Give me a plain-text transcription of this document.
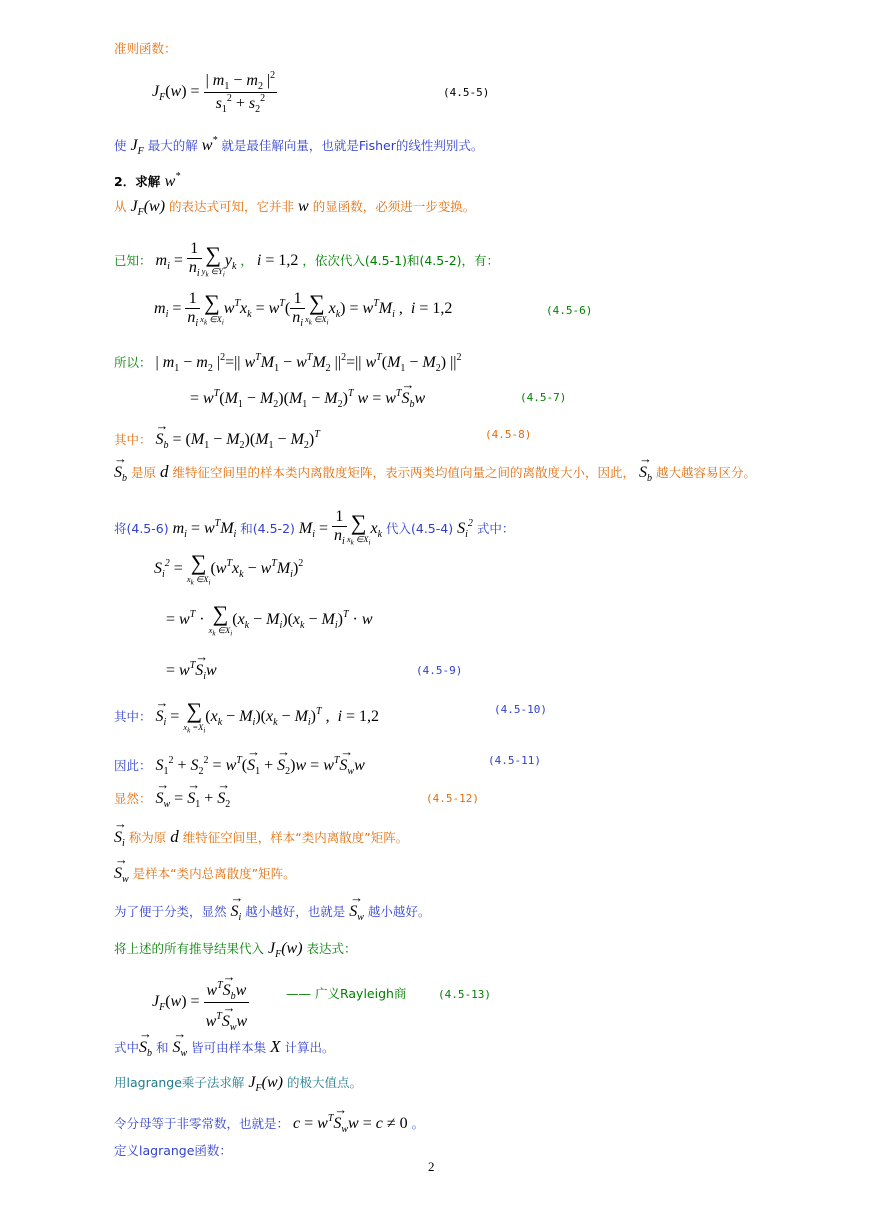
准则函数：
$J_F(w) = \frac{| m_1 - m_2 |^2}{s_1^2 + s_2^2}$	(4.5-5)
使 $J_F$ 最大的解 w* 就是最佳解向量，也就是Fisher的线性判别式。
2．求解 w*
从 $J_F(w)$ 的表达式可知，它并非 w 的显函数，必须进一步变换。
已知： $m_i = \frac{1}{n_i}$ ∑
$y_k$ $\in Y_i$
$y_k$ ， i = 1,2 ，依次代入(4.5-1)和(4.5-2)，有：
$m_i = \frac{1}{n_i}$ ∑
$x_k$ $\in X_i$
$w^Tx_k = w^T( \frac{1}{n_i}$ ∑
$x_k$ $\in X_i$
$x_k) = w^TM_i$ ,  i = 1,2	(4.5-6)
所以： | $m_1 - m_2$ $|^2=||$ $w^TM_1 - w^TM_2$ $||^2=||$ $w^T(M_1 - M_2)$ $||^2$
= $w^T(M_1 - M_2)(M_1 - M_2)^T$ $w = w^T\to S_bw$	(4.5-7)
其中： → $S_b = (M_1 - M_2)(M_1 - M_2)^T$	(4.5-8)
→ $S_b$ 是原 d 维特征空间里的样本类内离散度矩阵，表示两类均值向量之间的离散度大小，因此， → $S_b$ 越大越容易区分。
将(4.5-6) $m_i = w^TM_i$ 和(4.5-2) $M_i = \frac{1}{n_i}$ ∑
$x_k$ $\in X_i$
$x_k$ 代入(4.5-4) $S_i^2$ 式中：
$S_i^2$ = ∑
$x_k$ $\in X_i$
$(w^Tx_k - w^TM_i)^2$
= $w^T$ · ∑
$x_k$ $\in X_i$
$(x_k - M_i)(x_k - M_i)^T \cdot w$
= $w^T\to S_iw$	(4.5-9)
其中： → $S_i$ = ∑
$x_k =X_i$
$(x_k - M_i)(x_k - M_i)^T$ ,  i = 1,2	(4.5-10)
因此： $S_1^2 + S_2^2 = w^T(\to S_1$ + → $S_2)w = w^T\to S_ww$	(4.5-11)
显然： → $S_w$ = → $S_1$ + → $S_2$	(4.5-12)
→ $S_i$ 称为原 d 维特征空间里，样本“类内离散度”矩阵。
→ $S_w$ 是样本“类内总离散度”矩阵。
为了便于分类，显然 → $S_i$ 越小越好，也就是 → $S_w$ 越小越好。
将上述的所有推导结果代入 $J_F(w)$ 表达式：
$J_F(w) = \frac{w^T\to S_bw}{w^T\to S_ww}$	—— 广义Rayleigh商	(4.5-13)
式中→ $S_b$ 和 → $S_w$ 皆可由样本集 X 计算出。
用lagrange乘子法求解 $J_F(w)$ 的极大值点。
令分母等于非零常数，也就是： $c = w^T\to S_ww = c \ne 0$ 。
定义lagrange函数：
2
